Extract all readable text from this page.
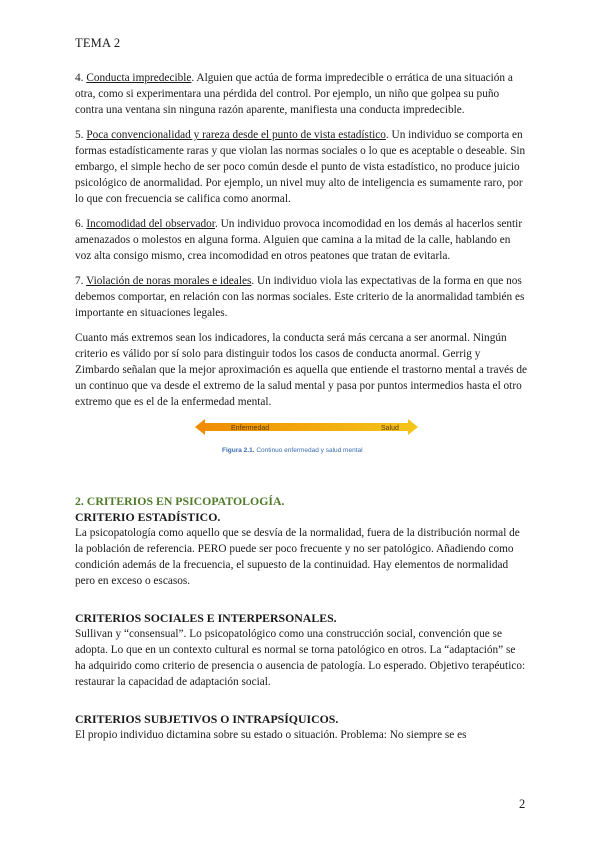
TEMA 2

4. Conducta impredecible. Alguien que actúa de forma impredecible o errática de una situación a otra, como si experimentara una pérdida del control. Por ejemplo, un niño que golpea su puño contra una ventana sin ninguna razón aparente, manifiesta una conducta impredecible.

5. Poca convencionalidad y rareza desde el punto de vista estadístico. Un individuo se comporta en formas estadísticamente raras y que violan las normas sociales o lo que es aceptable o deseable. Sin embargo, el simple hecho de ser poco común desde el punto de vista estadístico, no produce juicio psicológico de anormalidad. Por ejemplo, un nivel muy alto de inteligencia es sumamente raro, por lo que con frecuencia se califica como anormal.

6. Incomodidad del observador. Un individuo provoca incomodidad en los demás al hacerlos sentir amenazados o molestos en alguna forma. Alguien que camina a la mitad de la calle, hablando en voz alta consigo mismo, crea incomodidad en otros peatones que tratan de evitarla.

7. Violación de noras morales e ideales. Un individuo viola las expectativas de la forma en que nos debemos comportar, en relación con las normas sociales. Este criterio de la anormalidad también es importante en situaciones legales.

Cuanto más extremos sean los indicadores, la conducta será más cercana a ser anormal. Ningún criterio es válido por sí solo para distinguir todos los casos de conducta anormal. Gerrig y Zimbardo señalan que la mejor aproximación es aquella que entiende el trastorno mental a través de un continuo que va desde el extremo de la salud mental y pasa por puntos intermedios hasta el otro extremo que es el de la enfermedad mental.

Enfermedad	Salud
Figura 2.1. Continuo enfermedad y salud mental

2. CRITERIOS EN PSICOPATOLOGÍA.

CRITERIO ESTADÍSTICO.

La psicopatología como aquello que se desvía de la normalidad, fuera de la distribución normal de la población de referencia. PERO puede ser poco frecuente y no ser patológico. Añadiendo como condición además de la frecuencia, el supuesto de la continuidad. Hay elementos de normalidad pero en exceso o escasos.

CRITERIOS SOCIALES E INTERPERSONALES.

Sullivan y “consensual”. Lo psicopatológico como una construcción social, convención que se adopta. Lo que en un contexto cultural es normal se torna patológico en otros. La “adaptación” se ha adquirido como criterio de presencia o ausencia de patología. Lo esperado. Objetivo terapéutico: restaurar la capacidad de adaptación social.

CRITERIOS SUBJETIVOS O INTRAPSÍQUICOS.

El propio individuo dictamina sobre su estado o situación. Problema: No siempre se es

2
